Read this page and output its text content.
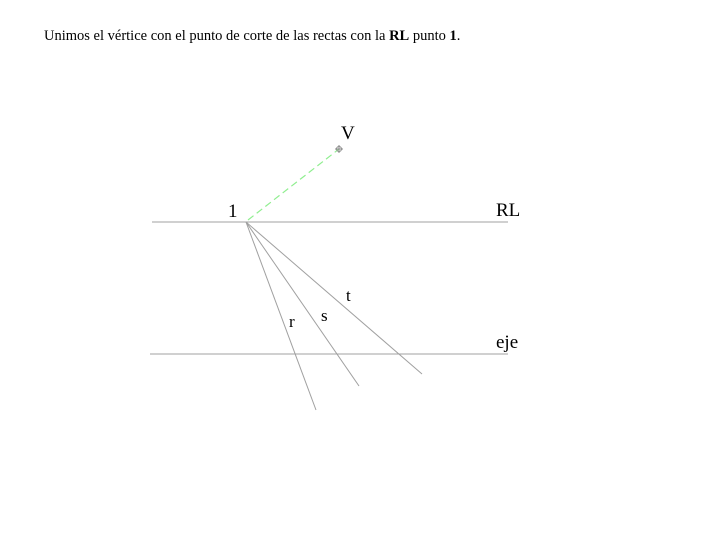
Unimos el vértice con el punto de corte de las rectas con la RL punto 1.
V
1	RL
eje
r s
t
